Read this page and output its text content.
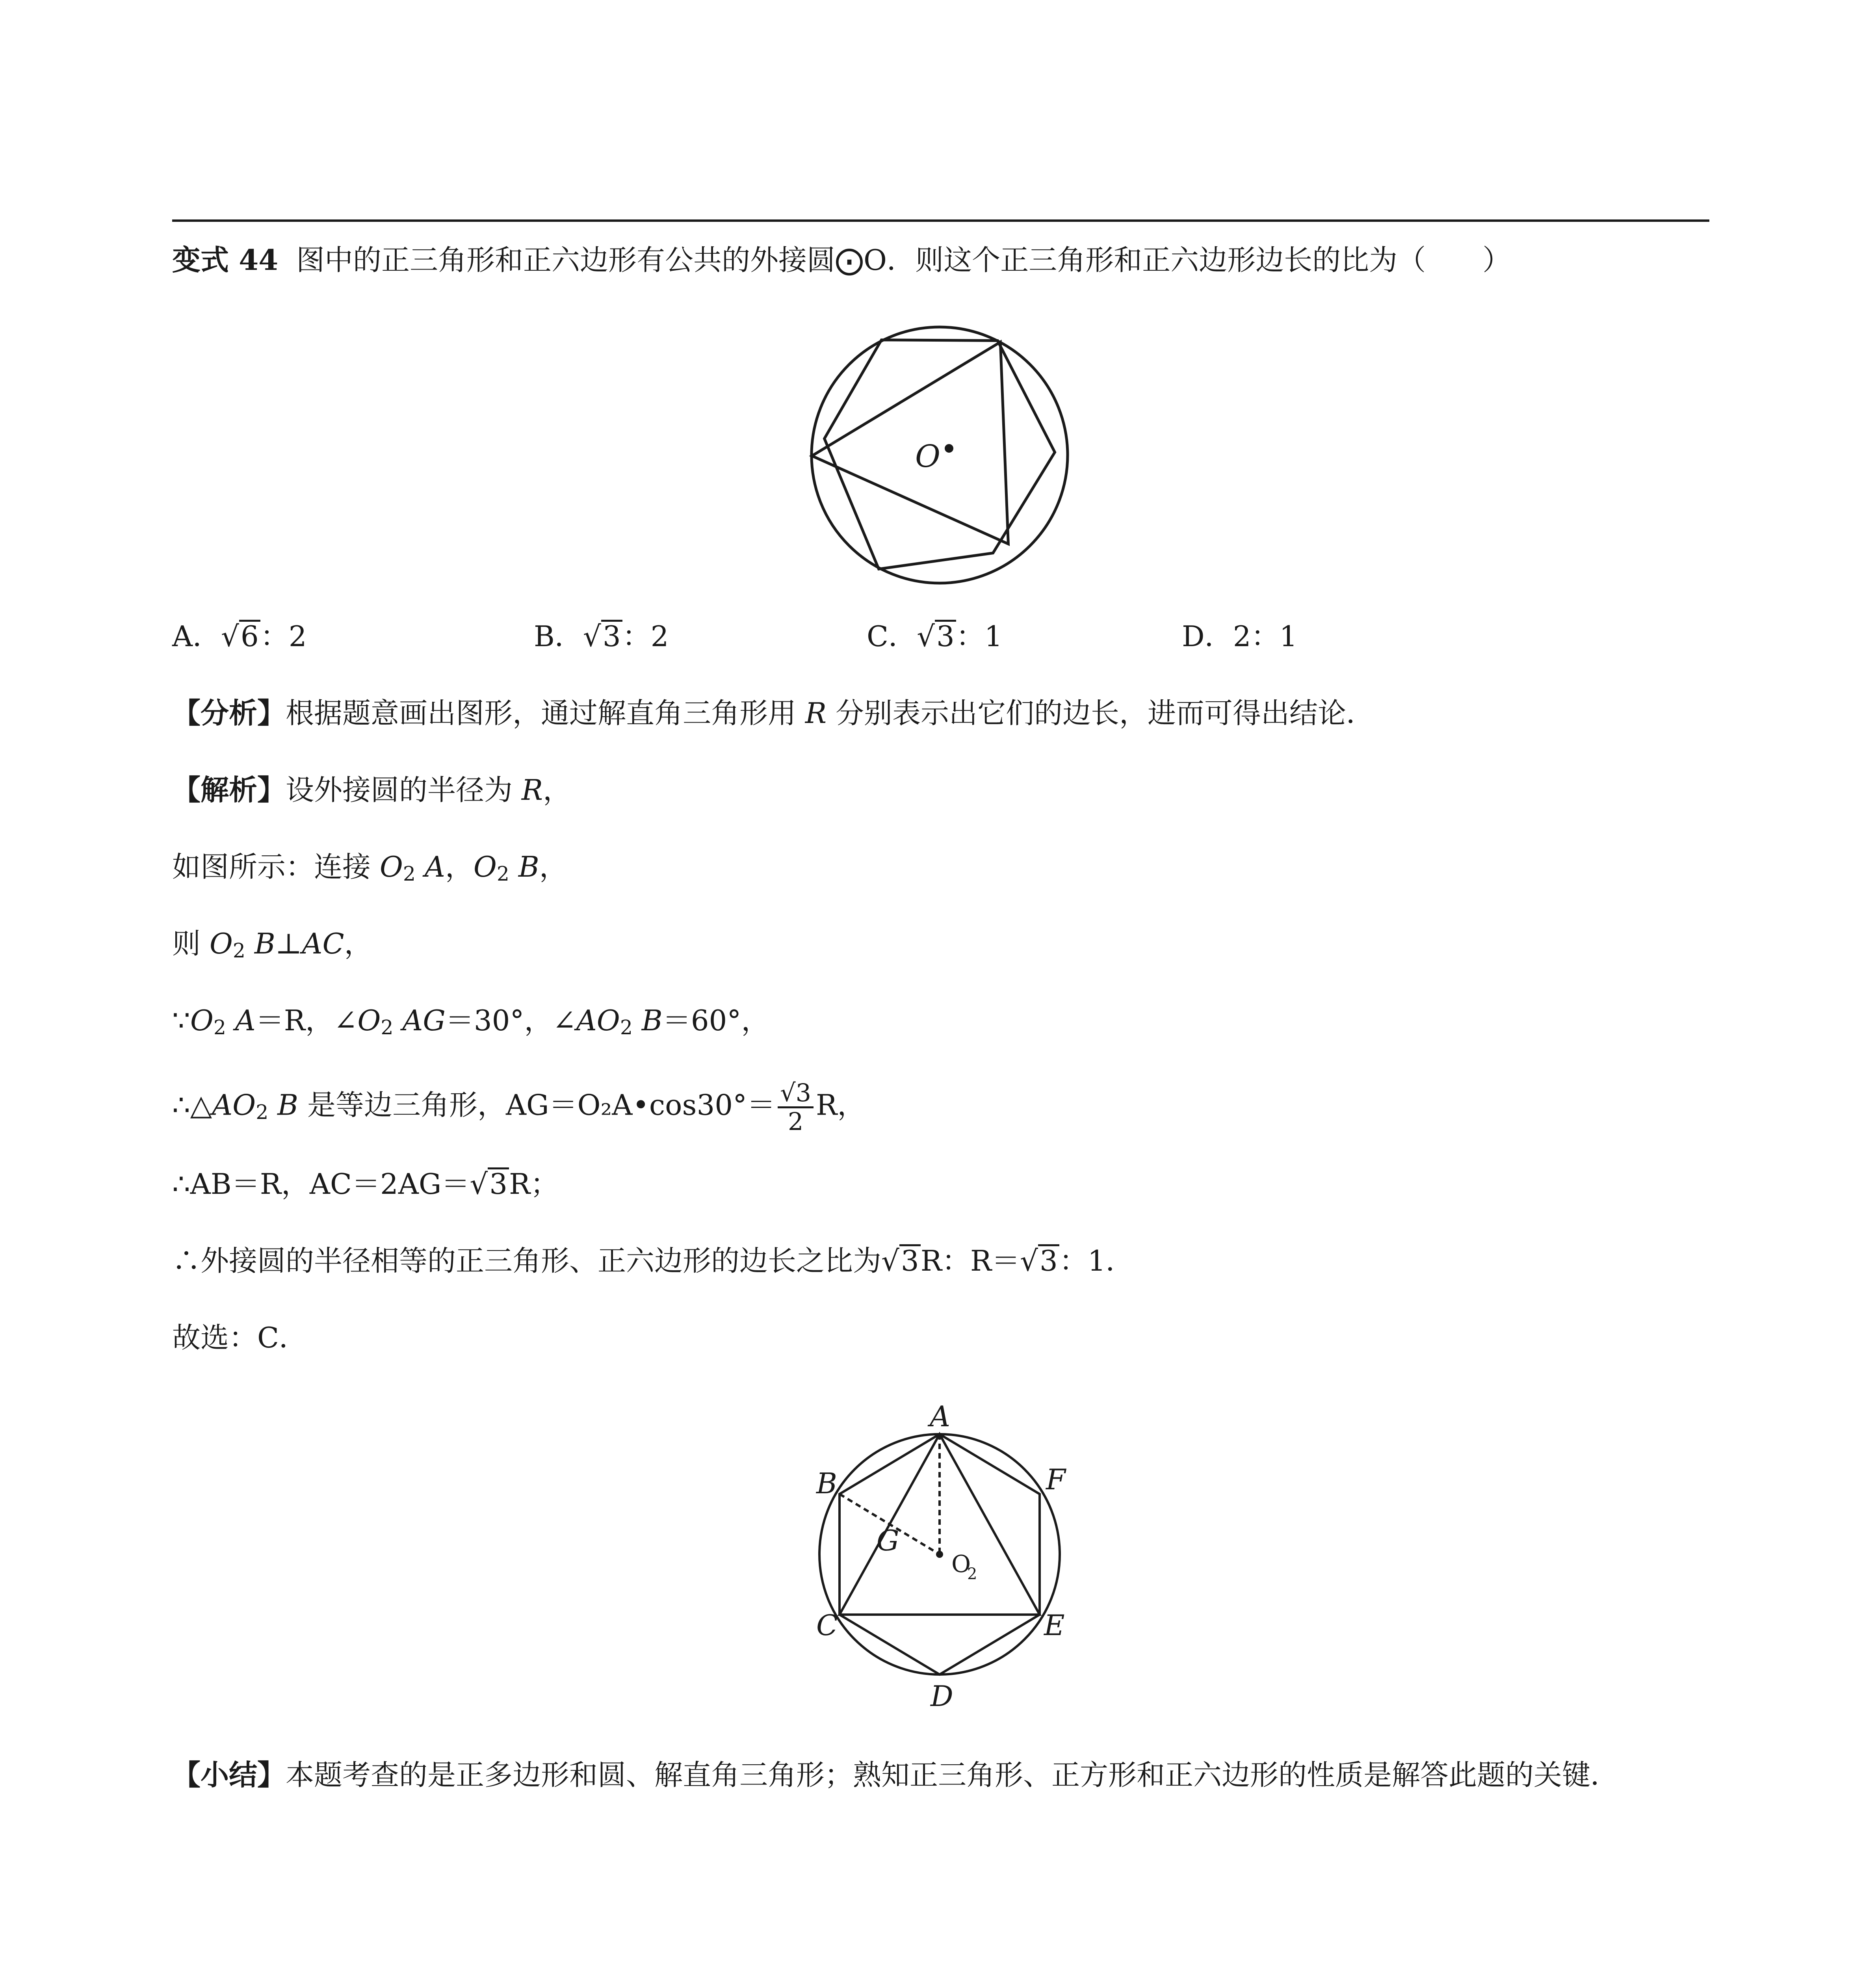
变式 44 图中的正三角形和正六边形有公共的外接圆⨀O．则这个正三角形和正六边形边长的比为（　　）
O
A．√6：2	B．√3：2	C．√3：1	D．2：1
【分析】根据题意画出图形，通过解直角三角形用 R 分别表示出它们的边长，进而可得出结论．
【解析】设外接圆的半径为 R，
如图所示：连接 $O_2$ A，$O_2$ B，
则 $O_2$ B⊥AC，
$\because O_2$ A＝R，$\angle O_2$ AG＝30°，$\angle AO_2$ B＝60°，
$\therefore\triangle AO_2$ B 是等边三角形，AG＝O₂A•cos30°＝ $\frac{√3}{2}$ R，
∴AB＝R，AC＝2AG＝√3R；
∴外接圆的半径相等的正三角形、正六边形的边长之比为√3R：R＝√3：1．
故选：C．
A
B
C
D
E
F
G
O
2
【小结】本题考查的是正多边形和圆、解直角三角形；熟知正三角形、正方形和正六边形的性质是解答此题的关键．
